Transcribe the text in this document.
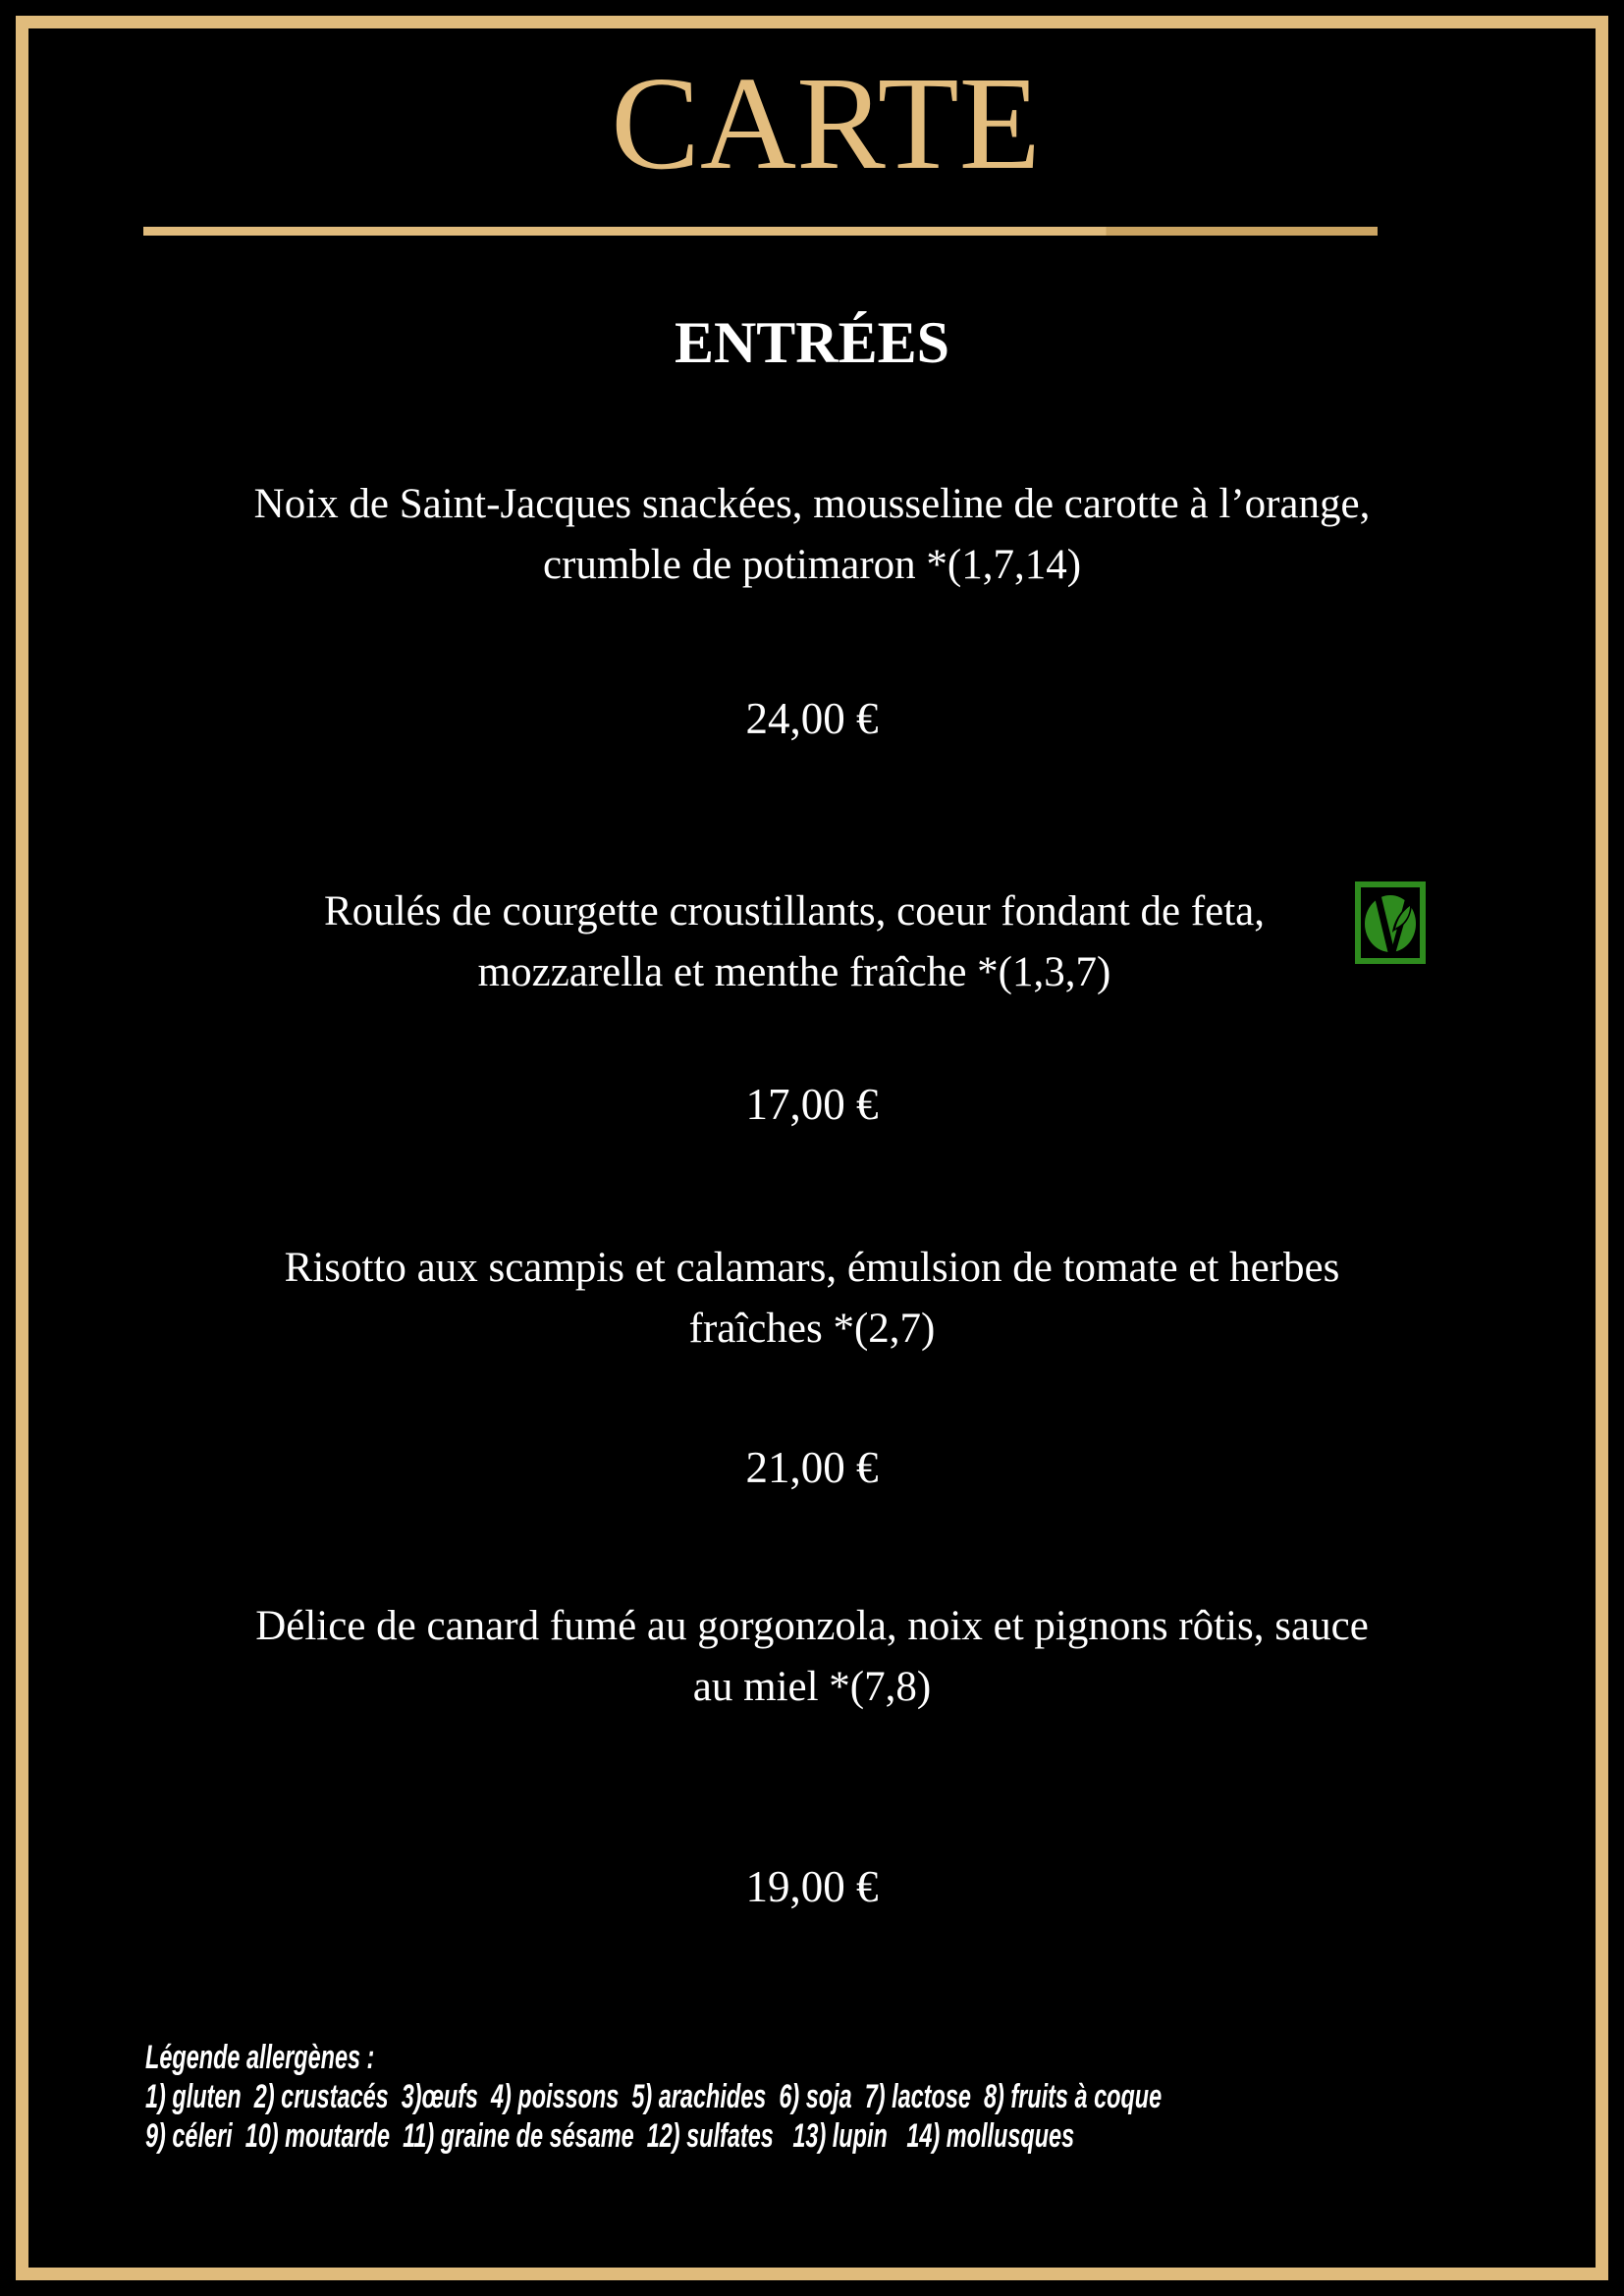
CARTE
ENTRÉES
Noix de Saint-Jacques snackées, mousseline de carotte à l’orange,
crumble de potimaron *(1,7,14)
24,00 €
Roulés de courgette croustillants, coeur fondant de feta,
mozzarella et menthe fraîche *(1,3,7)
17,00 €
Risotto aux scampis et calamars, émulsion de tomate et herbes
fraîches *(2,7)
21,00 €
Délice de canard fumé au gorgonzola, noix et pignons rôtis, sauce
au miel *(7,8)
19,00 €
Légende allergènes :
1) gluten  2) crustacés  3)œufs  4) poissons  5) arachides  6) soja  7) lactose  8) fruits à coque
9) céleri  10) moutarde  11) graine de sésame  12) sulfates   13) lupin   14) mollusques
